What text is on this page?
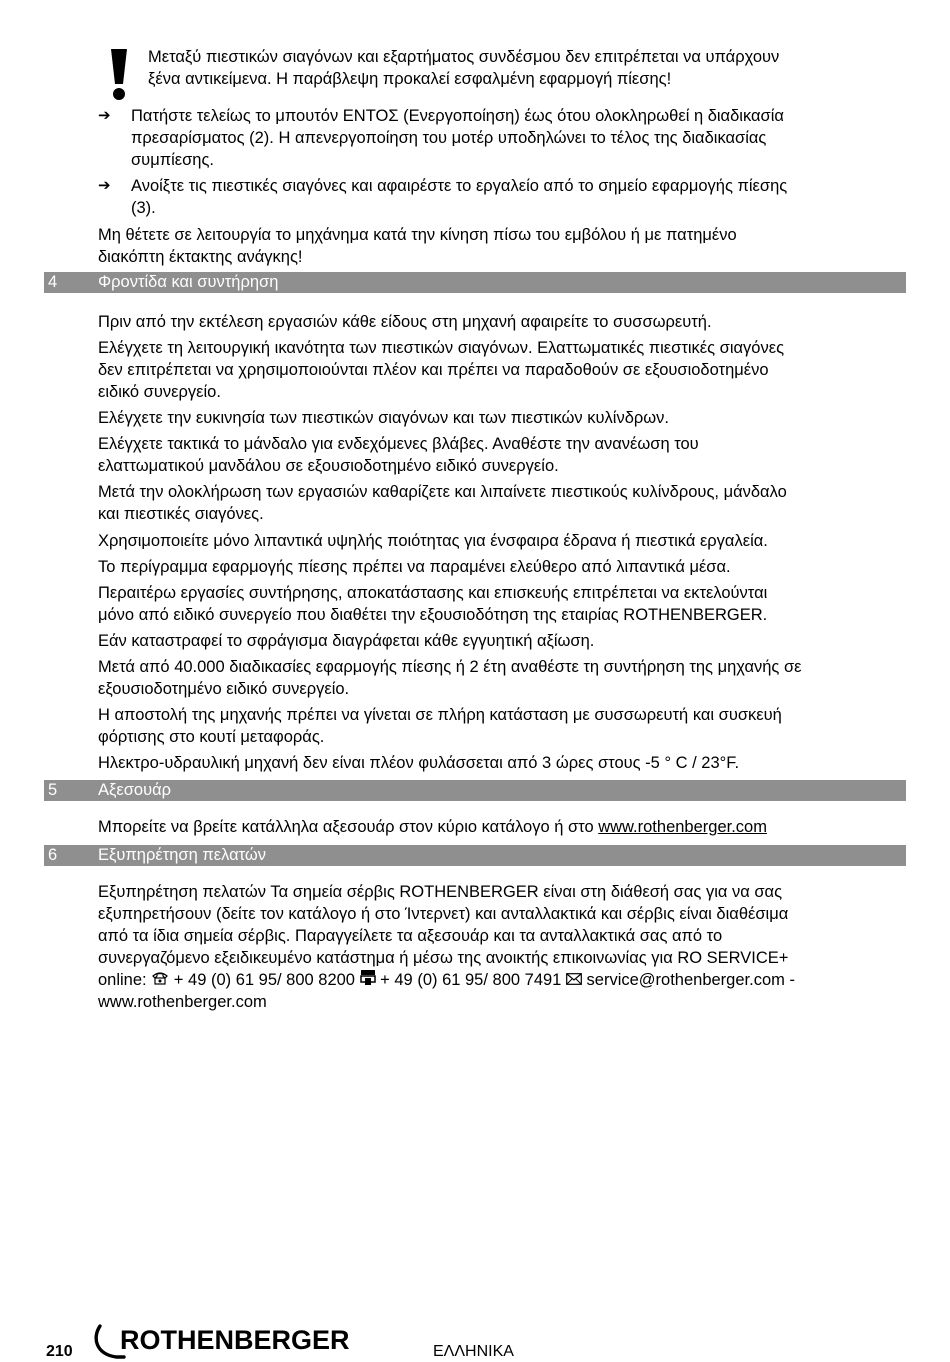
Μεταξύ πιεστικών σιαγόνων και εξαρτήματος συνδέσμου δεν επιτρέπεται να υπάρχουν
ξένα αντικείμενα. Η παράβλεψη προκαλεί εσφαλμένη εφαρμογή πίεσης!
➔	Πατήστε τελείως το μπουτόν ΕΝΤΟΣ (Ενεργοποίηση) έως ότου ολοκληρωθεί η διαδικασία
πρεσαρίσματος (2). Η απενεργοποίηση του μοτέρ υποδηλώνει το τέλος της διαδικασίας
συμπίεσης.
➔	Ανοίξτε τις πιεστικές σιαγόνες και αφαιρέστε το εργαλείο από το σημείο εφαρμογής πίεσης
(3).
Μη θέτετε σε λειτουργία το μηχάνημα κατά την κίνηση πίσω του εμβόλου ή με πατημένο
διακόπτη έκτακτης ανάγκης!
4 Φροντίδα και συντήρηση
Πριν από την εκτέλεση εργασιών κάθε είδους στη μηχανή αφαιρείτε το συσσωρευτή.
Ελέγχετε τη λειτουργική ικανότητα των πιεστικών σιαγόνων. Ελαττωματικές πιεστικές σιαγόνες
δεν επιτρέπεται να χρησιμοποιούνται πλέον και πρέπει να παραδοθούν σε εξουσιοδοτημένο
ειδικό συνεργείο.
Ελέγχετε την ευκινησία των πιεστικών σιαγόνων και των πιεστικών κυλίνδρων.
Ελέγχετε τακτικά το μάνδαλο για ενδεχόμενες βλάβες. Αναθέστε την ανανέωση του
ελαττωματικού μανδάλου σε εξουσιοδοτημένο ειδικό συνεργείο.
Μετά την ολοκλήρωση των εργασιών καθαρίζετε και λιπαίνετε πιεστικούς κυλίνδρους, μάνδαλο
και πιεστικές σιαγόνες.
Χρησιμοποιείτε μόνο λιπαντικά υψηλής ποιότητας για ένσφαιρα έδρανα ή πιεστικά εργαλεία.
Το περίγραμμα εφαρμογής πίεσης πρέπει να παραμένει ελεύθερο από λιπαντικά μέσα.
Περαιτέρω εργασίες συντήρησης, αποκατάστασης και επισκευής επιτρέπεται να εκτελούνται
μόνο από ειδικό συνεργείο που διαθέτει την εξουσιοδότηση της εταιρίας ROTHENBERGER.
Εάν καταστραφεί το σφράγισμα διαγράφεται κάθε εγγυητική αξίωση.
Μετά από 40.000 διαδικασίες εφαρμογής πίεσης ή 2 έτη αναθέστε τη συντήρηση της μηχανής σε
εξουσιοδοτημένο ειδικό συνεργείο.
Η αποστολή της μηχανής πρέπει να γίνεται σε πλήρη κατάσταση με συσσωρευτή και συσκευή
φόρτισης στο κουτί μεταφοράς.
Ηλεκτρο-υδραυλική μηχανή δεν είναι πλέον φυλάσσεται από 3 ώρες στους -5 ° C / 23°F.
5 Αξεσουάρ
Μπορείτε να βρείτε κατάλληλα αξεσουάρ στον κύριο κατάλογο ή στο www.rothenberger.com
6 Εξυπηρέτηση πελατών
Εξυπηρέτηση πελατών Τα σημεία σέρβις ROTHENBERGER είναι στη διάθεσή σας για να σας
εξυπηρετήσουν (δείτε τον κατάλογο ή στο Ίντερνετ) και ανταλλακτικά και σέρβις είναι διαθέσιμα
από τα ίδια σημεία σέρβις. Παραγγείλετε τα αξεσουάρ και τα ανταλλακτικά σας από το
συνεργαζόμενο εξειδικευμένο κατάστημα ή μέσω της ανοικτής επικοινωνίας για RO SERVICE+
online:  + 49 (0) 61 95/ 800 8200  + 49 (0) 61 95/ 800 7491  service@rothenberger.com -
www.rothenberger.com
210 ROTHENBERGER	ΕΛΛΗΝΙΚΑ
